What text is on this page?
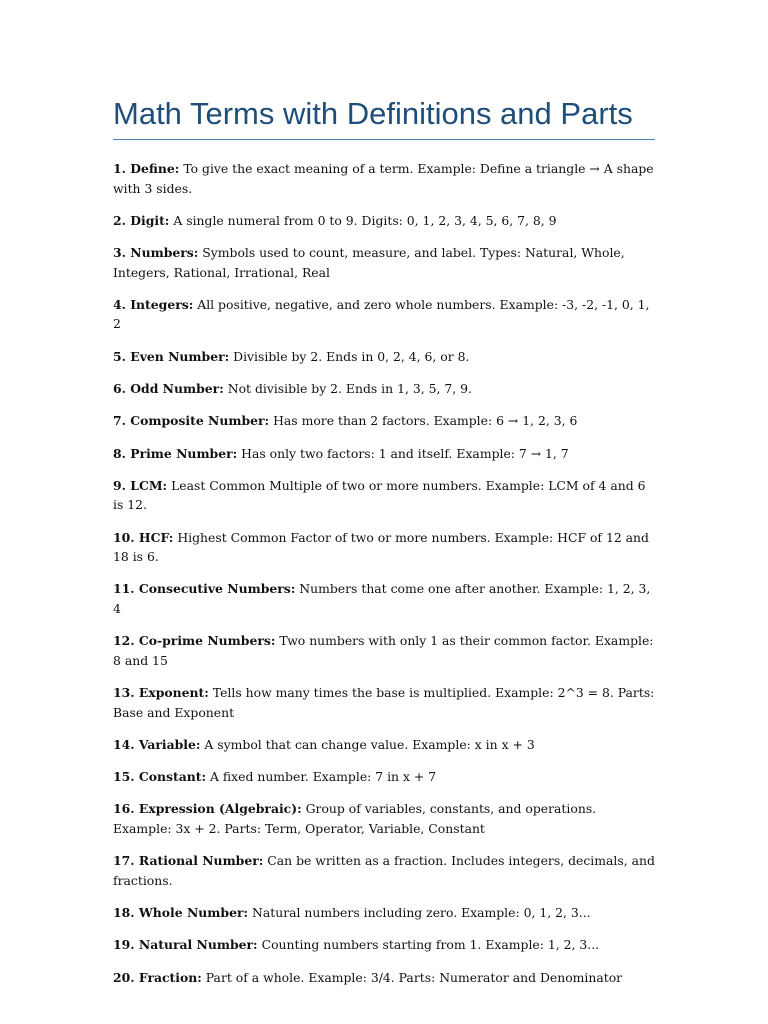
Math Terms with Definitions and Parts
1. Define: To give the exact meaning of a term. Example: Define a triangle → A shape with 3 sides.
2. Digit: A single numeral from 0 to 9. Digits: 0, 1, 2, 3, 4, 5, 6, 7, 8, 9
3. Numbers: Symbols used to count, measure, and label. Types: Natural, Whole, Integers, Rational, Irrational, Real
4. Integers: All positive, negative, and zero whole numbers. Example: -3, -2, -1, 0, 1, 2
5. Even Number: Divisible by 2. Ends in 0, 2, 4, 6, or 8.
6. Odd Number: Not divisible by 2. Ends in 1, 3, 5, 7, 9.
7. Composite Number: Has more than 2 factors. Example: 6 → 1, 2, 3, 6
8. Prime Number: Has only two factors: 1 and itself. Example: 7 → 1, 7
9. LCM: Least Common Multiple of two or more numbers. Example: LCM of 4 and 6 is 12.
10. HCF: Highest Common Factor of two or more numbers. Example: HCF of 12 and 18 is 6.
11. Consecutive Numbers: Numbers that come one after another. Example: 1, 2, 3, 4
12. Co-prime Numbers: Two numbers with only 1 as their common factor. Example: 8 and 15
13. Exponent: Tells how many times the base is multiplied. Example: 2^3 = 8. Parts: Base and Exponent
14. Variable: A symbol that can change value. Example: x in x + 3
15. Constant: A fixed number. Example: 7 in x + 7
16. Expression (Algebraic): Group of variables, constants, and operations. Example: 3x + 2. Parts: Term, Operator, Variable, Constant
17. Rational Number: Can be written as a fraction. Includes integers, decimals, and fractions.
18. Whole Number: Natural numbers including zero. Example: 0, 1, 2, 3...
19. Natural Number: Counting numbers starting from 1. Example: 1, 2, 3...
20. Fraction: Part of a whole. Example: 3/4. Parts: Numerator and Denominator
